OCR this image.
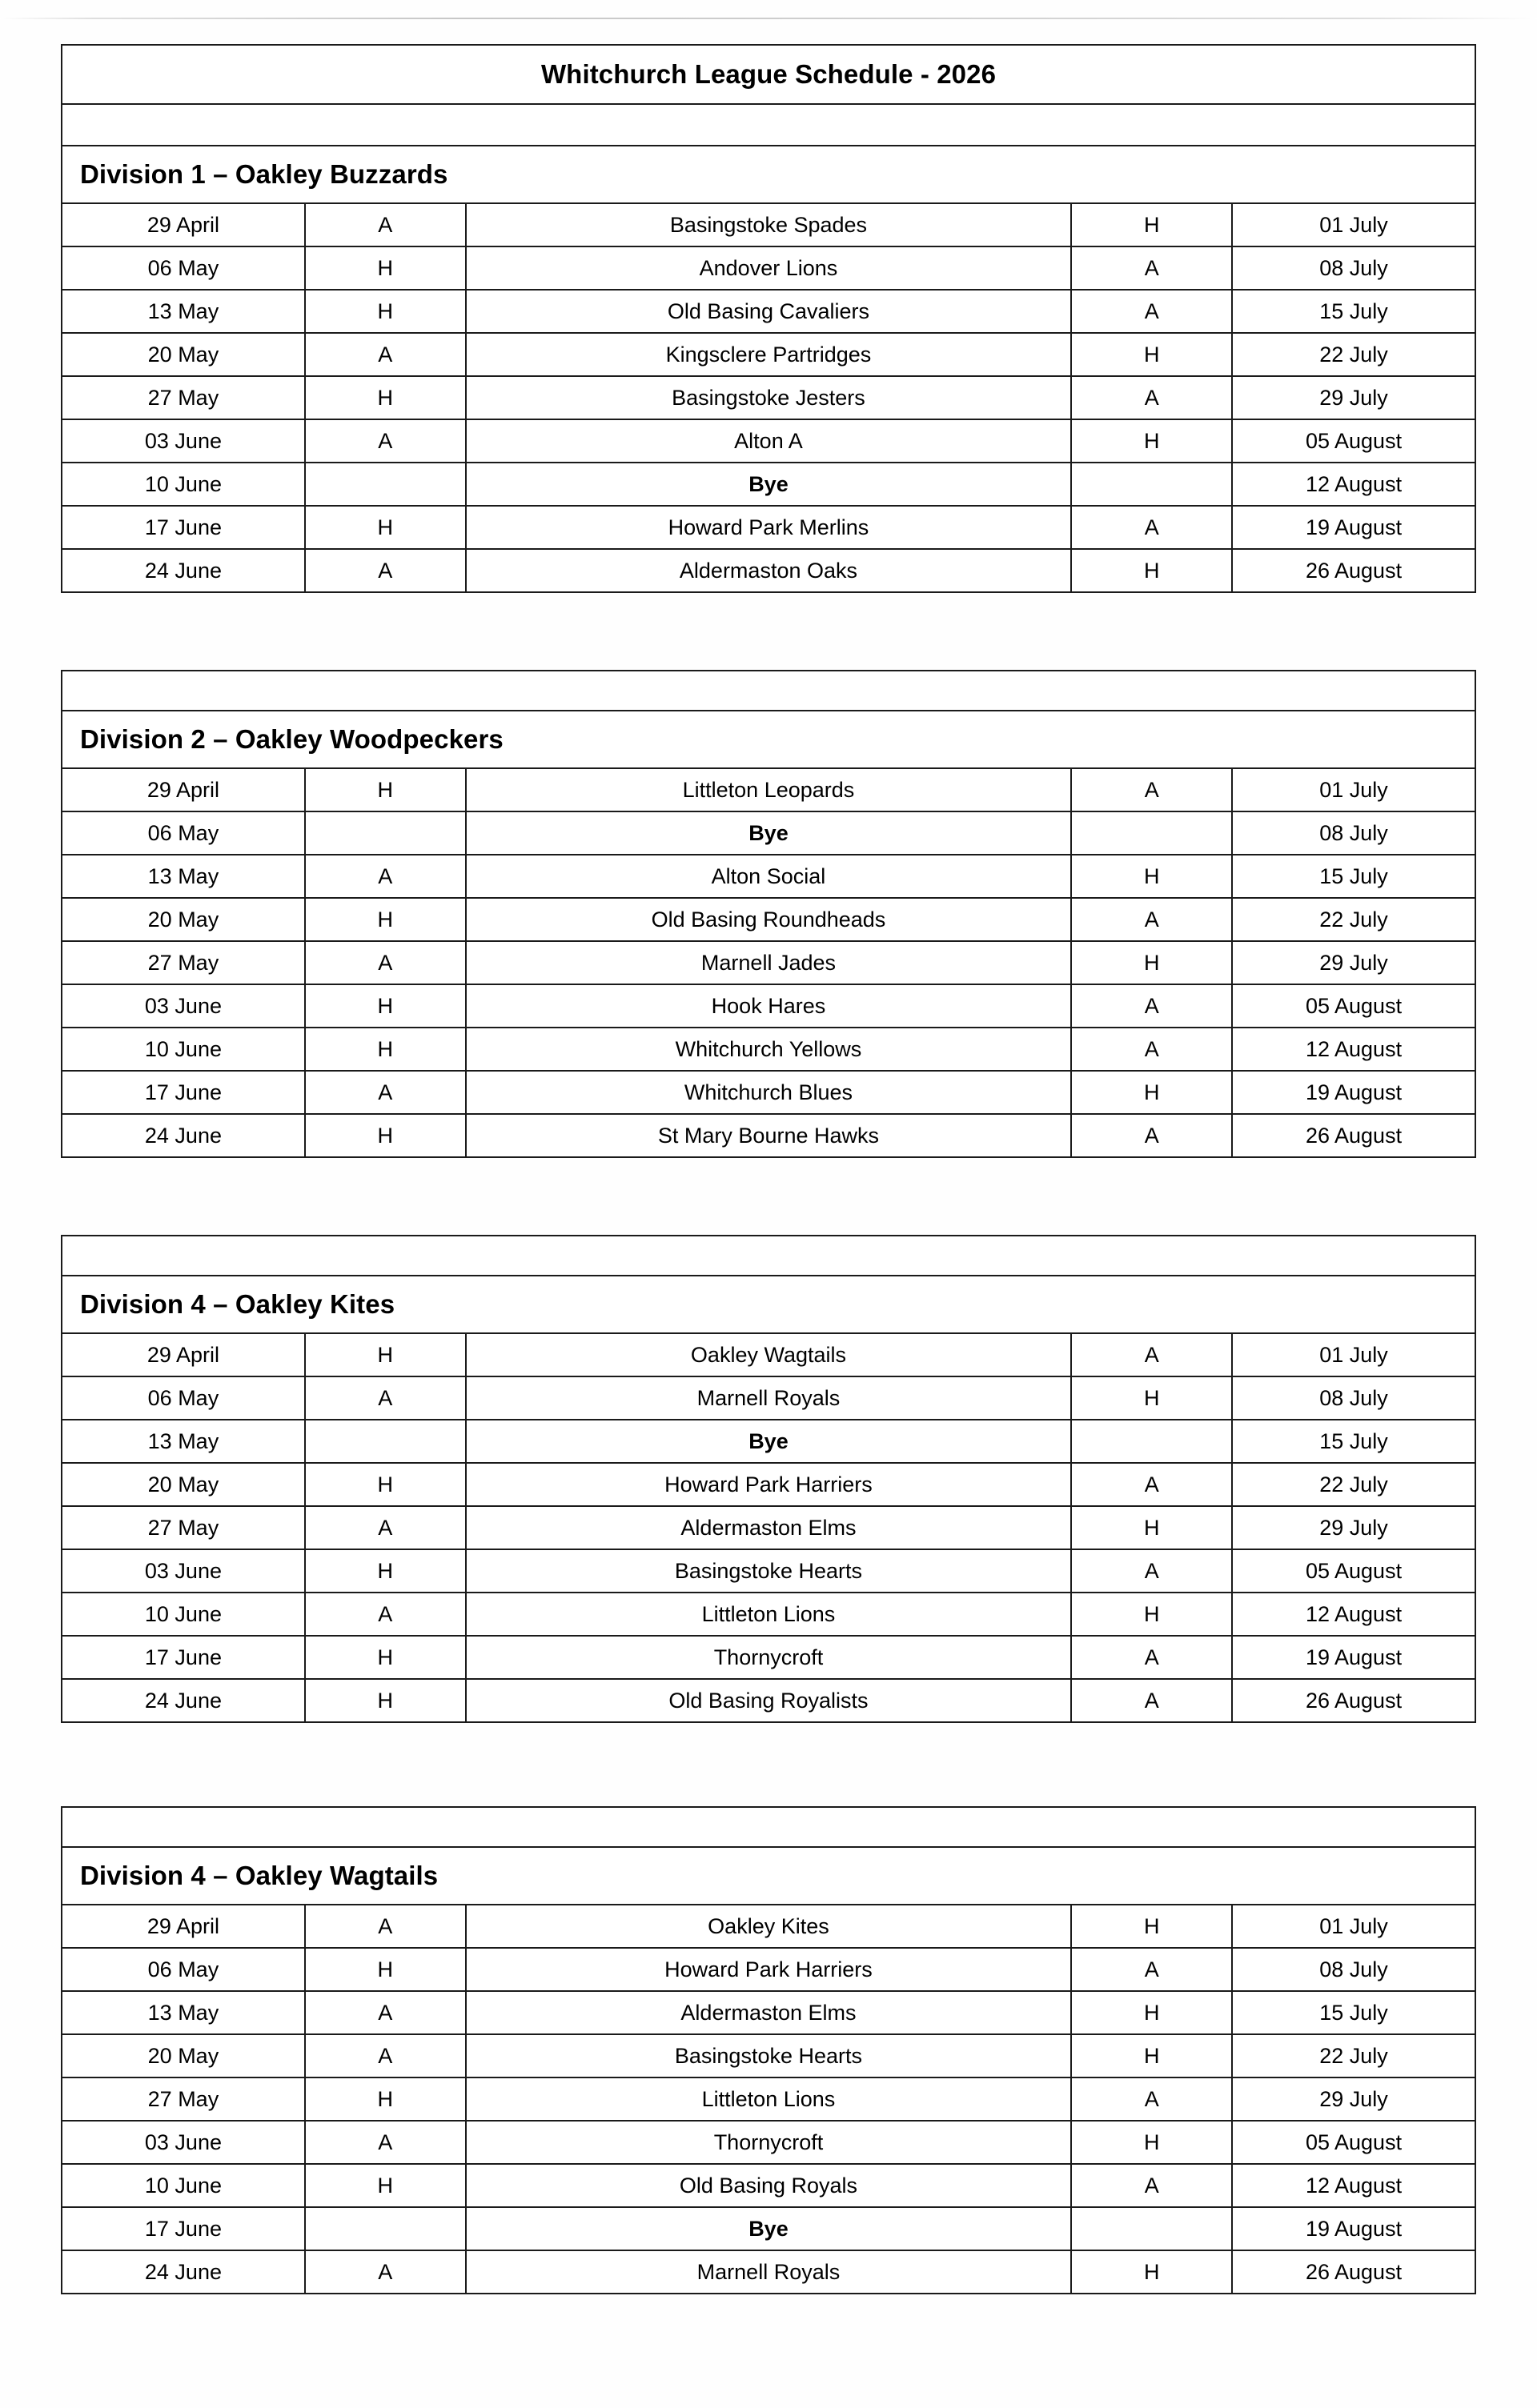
Whitchurch League Schedule - 2026				

Division 1 – Oakley Buzzards				
29 April	A	Basingstoke Spades	H	01 July
06 May	H	Andover Lions	A	08 July
13 May	H	Old Basing Cavaliers	A	15 July
20 May	A	Kingsclere Partridges	H	22 July
27 May	H	Basingstoke Jesters	A	29 July
03 June	A	Alton A	H	05 August
10 June		Bye		12 August
17 June	H	Howard Park Merlins	A	19 August
24 June	A	Aldermaston Oaks	H	26 August

Division 2 – Oakley Woodpeckers				
29 April	H	Littleton Leopards	A	01 July
06 May		Bye		08 July
13 May	A	Alton Social	H	15 July
20 May	H	Old Basing Roundheads	A	22 July
27 May	A	Marnell Jades	H	29 July
03 June	H	Hook Hares	A	05 August
10 June	H	Whitchurch Yellows	A	12 August
17 June	A	Whitchurch Blues	H	19 August
24 June	H	St Mary Bourne Hawks	A	26 August

Division 4 – Oakley Kites				
29 April	H	Oakley Wagtails	A	01 July
06 May	A	Marnell Royals	H	08 July
13 May		Bye		15 July
20 May	H	Howard Park Harriers	A	22 July
27 May	A	Aldermaston Elms	H	29 July
03 June	H	Basingstoke Hearts	A	05 August
10 June	A	Littleton Lions	H	12 August
17 June	H	Thornycroft	A	19 August
24 June	H	Old Basing Royalists	A	26 August

Division 4 – Oakley Wagtails				
29 April	A	Oakley Kites	H	01 July
06 May	H	Howard Park Harriers	A	08 July
13 May	A	Aldermaston Elms	H	15 July
20 May	A	Basingstoke Hearts	H	22 July
27 May	H	Littleton Lions	A	29 July
03 June	A	Thornycroft	H	05 August
10 June	H	Old Basing Royals	A	12 August
17 June		Bye		19 August
24 June	A	Marnell Royals	H	26 August
